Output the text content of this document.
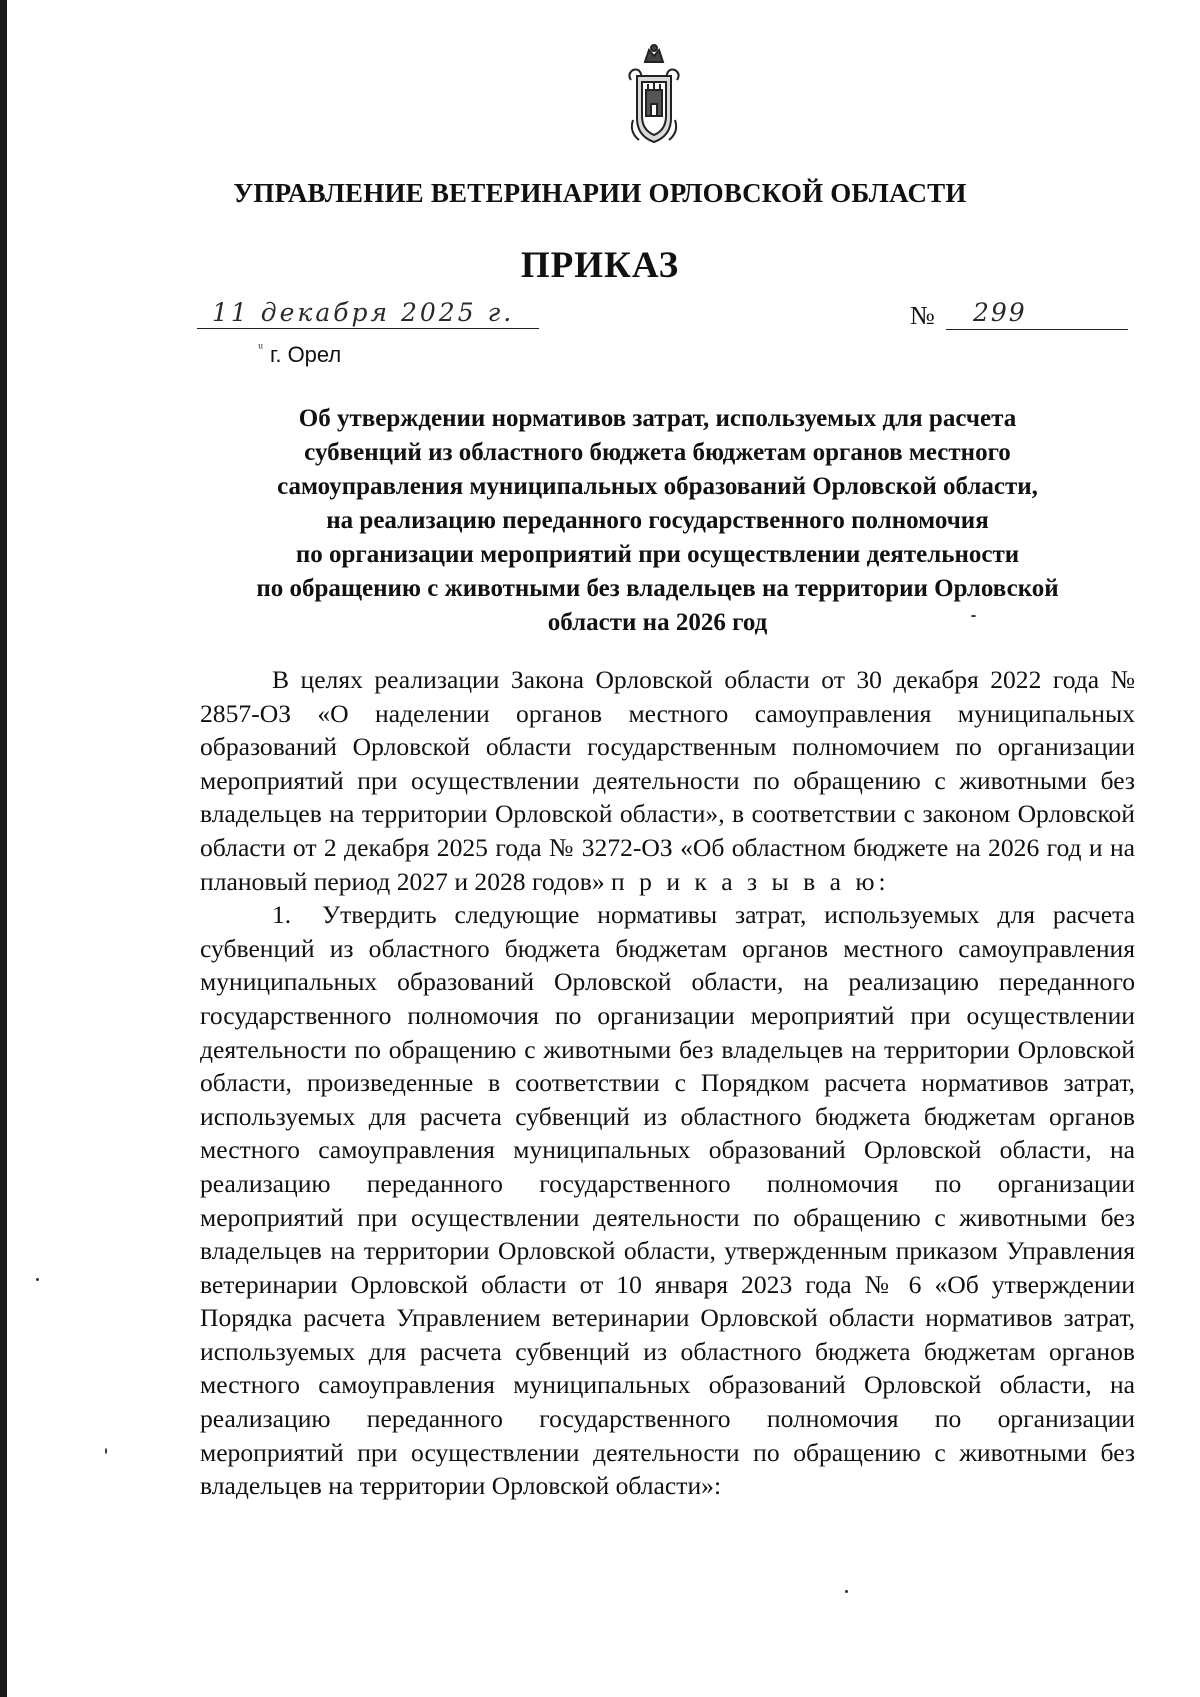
УПРАВЛЕНИЕ ВЕТЕРИНАРИИ ОРЛОВСКОЙ ОБЛАСТИ
ПРИКАЗ
11 декабря 2025 г.
ᵘ г. Орел
№ 299
Об утверждении нормативов затрат, используемых для расчета
субвенций из областного бюджета бюджетам органов местного
самоуправления муниципальных образований Орловской области,
на реализацию переданного государственного полномочия
по организации мероприятий при осуществлении деятельности
по обращению с животными без владельцев на территории Орловской
области на 2026 год

В целях реализации Закона Орловской области от 30 декабря 2022 года № 2857-ОЗ «О наделении органов местного самоуправления муниципальных образований Орловской области государственным полномочием по организации мероприятий при осуществлении деятельности по обращению с животными без владельцев на территории Орловской области», в соответствии с законом Орловской области от 2 декабря 2025 года № 3272-ОЗ «Об областном бюджете на 2026 год и на плановый период 2027 и 2028 годов» п р и к а з ы в а ю:

1. Утвердить следующие нормативы затрат, используемых для расчета субвенций из областного бюджета бюджетам органов местного самоуправления муниципальных образований Орловской области, на реализацию переданного государственного полномочия по организации мероприятий при осуществлении деятельности по обращению с животными без владельцев на территории Орловской области, произведенные в соответствии с Порядком расчета нормативов затрат, используемых для расчета субвенций из областного бюджета бюджетам органов местного самоуправления муниципальных образований Орловской области, на реализацию переданного государственного полномочия по организации мероприятий при осуществлении деятельности по обращению с животными без владельцев на территории Орловской области, утвержденным приказом Управления ветеринарии Орловской области от 10 января 2023 года № 6 «Об утверждении Порядка расчета Управлением ветеринарии Орловской области нормативов затрат, используемых для расчета субвенций из областного бюджета бюджетам органов местного самоуправления муниципальных образований Орловской области, на реализацию переданного государственного полномочия по организации мероприятий при осуществлении деятельности по обращению с животными без владельцев на территории Орловской области»:
